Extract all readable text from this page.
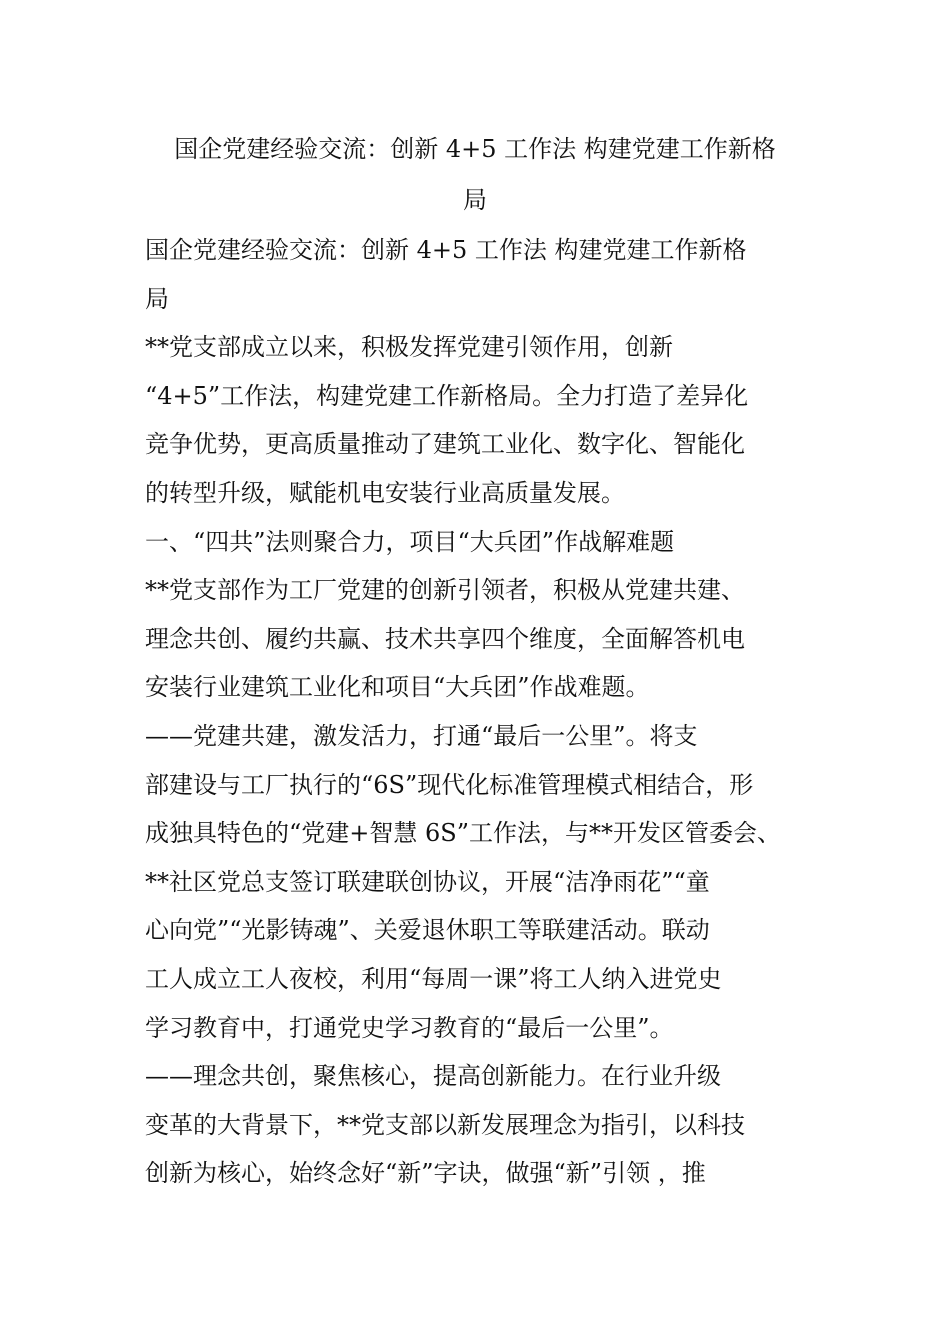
国企党建经验交流：创新 4+5 工作法 构建党建工作新格
局
国企党建经验交流：创新 4+5 工作法 构建党建工作新格
局
**党支部成立以来，积极发挥党建引领作用，创新
“4+5”工作法，构建党建工作新格局。全力打造了差异化
竞争优势，更高质量推动了建筑工业化、数字化、智能化
的转型升级，赋能机电安装行业高质量发展。
一、“四共”法则聚合力，项目“大兵团”作战解难题
**党支部作为工厂党建的创新引领者，积极从党建共建、
理念共创、履约共赢、技术共享四个维度，全面解答机电
安装行业建筑工业化和项目“大兵团”作战难题。
——党建共建，激发活力，打通“最后一公里”。将支
部建设与工厂执行的“6S”现代化标准管理模式相结合，形
成独具特色的“党建+智慧 6S”工作法，与**开发区管委会、
**社区党总支签订联建联创协议，开展“洁净雨花”“童
心向党”“光影铸魂”、关爱退休职工等联建活动。联动
工人成立工人夜校，利用“每周一课”将工人纳入进党史
学习教育中，打通党史学习教育的“最后一公里”。
——理念共创，聚焦核心，提高创新能力。在行业升级
变革的大背景下，**党支部以新发展理念为指引，以科技
创新为核心，始终念好“新”字诀，做强“新”引领 ，推
